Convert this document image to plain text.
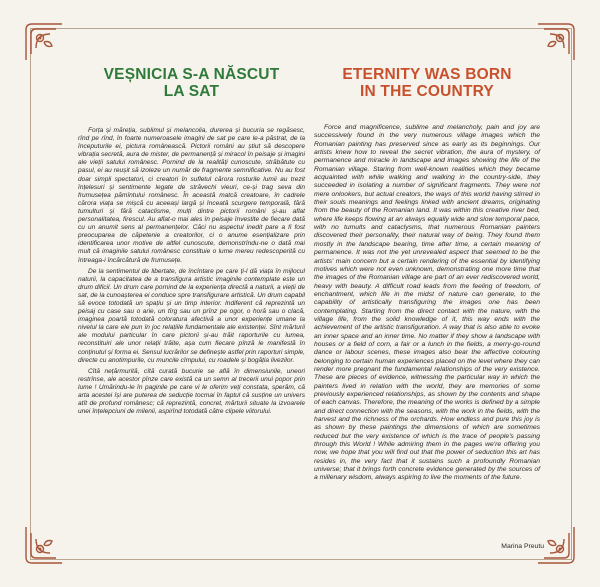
VEȘNICIA S-A NĂSCUT
LA SAT

Forța și măreția, sublimul și melancolia, durerea și bucuria se regăsesc, rînd pe rînd, în foarte numeroasele imagini de sat pe care le-a păstrat, de la începuturile ei, pictura românească. Pictorii români au știut să descopere vibrația secretă, aura de mister, de permanență și miracol în peisaje și imagini ale vieții satului românesc. Pornind de la realități cunoscute, străbătute cu pasul, ei au reușit să izoleze un număr de fragmente semnificative. Nu au fost doar simpli spectatori, ci creatori în sufletul cărora rosturile lumii au trezit înțelesuri și sentimente legate de străvechi vieuri, ce-și trag seva din frumusețea pămîntului românesc. În această matcă creatoare, în cadrele cărora viața se mișcă cu aceeași largă și înceată scurgere temporală, fără tumulturi și fără cataclisme, mulți dintre pictorii români și-au aflat personalitatea, firescul. Au aflat-o mai ales în peisaje învestite de fiecare dată cu un anumit sens al permanențelor. Căci nu aspectul inedit pare a fi fost preocuparea de căpetenie a creatorilor, ci o anume esențializare prin identificarea unor motive de altfel cunoscute, demonstrîndu-ne o dată mai mult că imaginile satului românesc constituie o lume mereu redescoperită cu întreaga-i încărcătură de frumusețe.

De la sentimentul de libertate, de încîntare pe care ți-l dă viața în mijlocul naturii, la capacitatea de a transfigura artistic imaginile contemplate este un drum dificil. Un drum care pornind de la experiența directă a naturii, a vieții de sat, de la cunoașterea ei conduce spre transfigurare artistică. Un drum capabil să evoce totodată un spațiu și un timp interior. Indiferent că reprezintă un peisaj cu case sau o arie, un tîrg sau un prînz pe ogor, o horă sau o clacă, imaginea poartă totodată coloratura afectivă a unor experiențe umane la nivelul la care ele pun în joc relațiile fundamentale ale existenței. Sînt mărturii ale modului particular în care pictorii și-au trăit raporturile cu lumea, reconstituiri ale unor relații trăite, așa cum fiecare pînză le manifestă în conținutul și forma ei. Sensul lucrărilor se definește astfel prin raporturi simple, directe cu anotimpurile, cu muncile cîmpului, cu roadele și bogăția livezilor.

Cîtă nețărmurită, cîtă curată bucurie se află în dimensiunile, uneori restrînse, ale acestor pînze care există ca un semn al trecerii unui popor prin lume ! Umărindu-le în paginile pe care vi le oferim veți constata, sperăm, că arta acestei își are puterea de seducție tocmai în faptul că susține un univers atît de profund românesc; că reprezintă, concret, mărturii situate la izvoarele unei înțelepciuni de milenii, aspirînd totodată către clipele viitorului.

ETERNITY WAS BORN
IN THE COUNTRY

Force and magnificence, sublime and melancholy, pain and joy are successively found in the very numerous village images which the Romanian painting has preserved since as early as its beginnings. Our artists knew how to reveal the secret vibration, the aura of mystery, of permanence and miracle in landscape and images showing the life of the Romanian village. Staring from well-known realities which they became acquainted with while walking and walking in the country-side, they succeeded in isolating a number of significant fragments. They were not mere onlookers, but actual creators, the ways of this world having stirred in their souls meanings and feelings linked with ancient dreams, originating from the beauty of the Romanian land. It was within this creative river bed, where life keeps flowing at an always equally wide and slow temporal pace, with no tumults and cataclysms, that numerous Romanian painters discovered their personality, their natural way of being. They found them mostly in the landscape bearing, time after time, a certain meaning of permanence. It was not the yet unrevealed aspect that seemed to be the artists' main concern but a certain rendering of the essential by identifying motives which were not even unknown, demonstrating one more time that the images of the Romanian village are part of an ever rediscovered world, heavy with beauty. A difficult road leads from the feeling of freedom, of enchantment, which life in the midst of nature can generate, to the capability of artistically transfiguring the images one has been contemplating. Starting from the direct contact with the nature, with the village life, from the solid knowledge of it, this way ends with the achievement of the artistic transfiguration. A way that is also able to evoke an inner space and an inner time. No matter if they show a landscape with houses or a field of corn, a fair or a lunch in the fields, a merry-go-round dance or labour scenes, these images also bear the affective colouring belonging to certain human experiences placed on the level where they can render more pregnant the fundamental relationships of the very existence. These are pieces of evidence, witnessing the particular way in which the painters lived in relation with the world, they are memories of some previously experienced relationships, as shown by the contents and shape of each canvas. Therefore, the meaning of the works is defined by a simple and direct connection with the seasons, with the work in the fields, with the harvest and the richness of the orchards. How endless and pure this joy is as shown by these paintings the dimensions of which are sometimes reduced but the very existence of which is the trace of people's passing through this World ! While admiring them in the pages we're offering you now, we hope that you will find out that the power of seduction this art has resides in, the very fact that it sustains such a profoundly Romanian universe; that it brings forth concrete evidence generated by the sources of a millenary wisdom, always aspiring to live the moments of the future.

Marina Preutu
